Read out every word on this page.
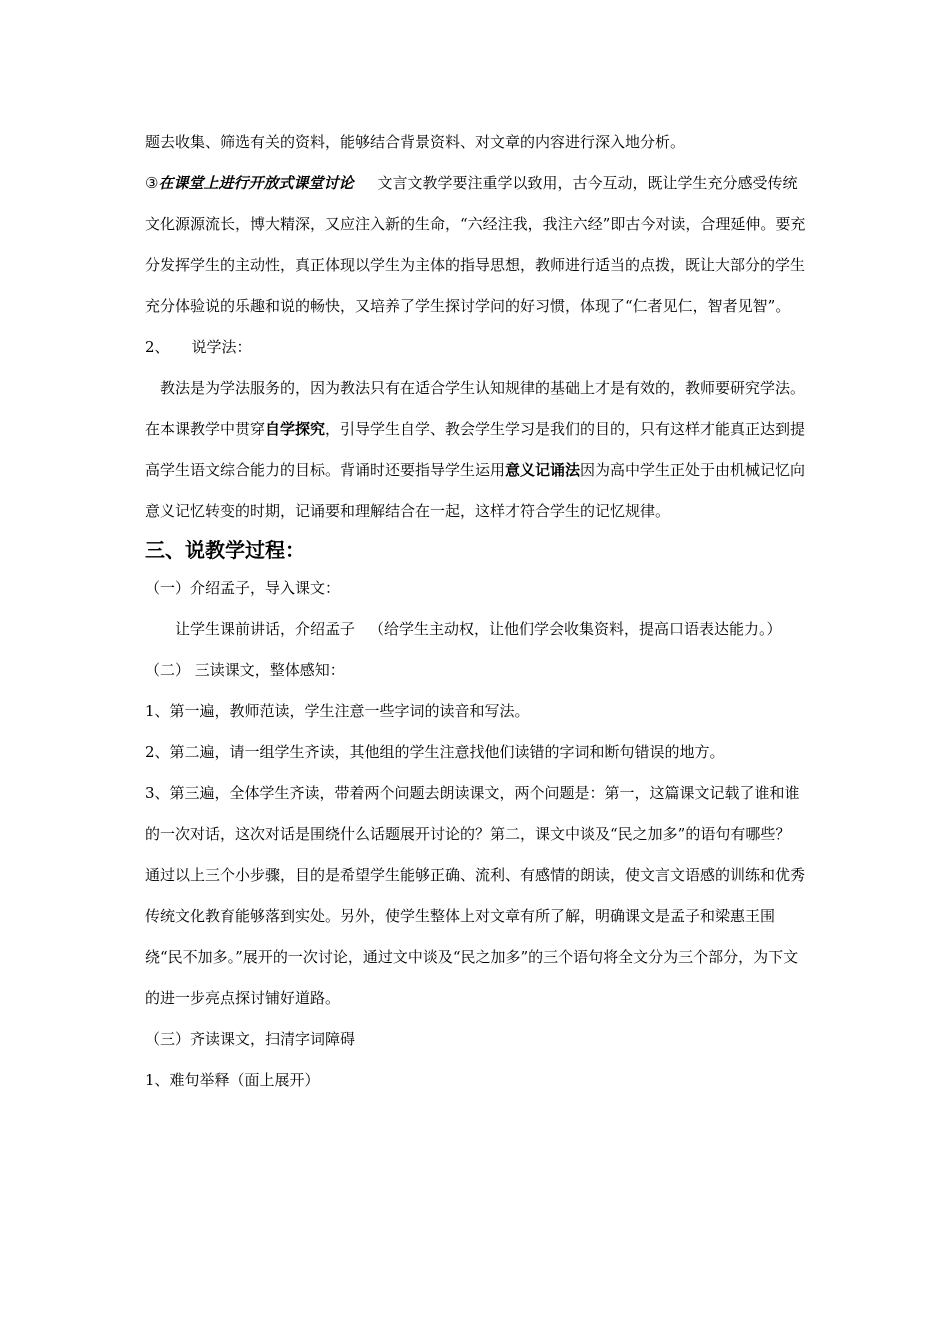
题去收集、筛选有关的资料，能够结合背景资料、对文章的内容进行深入地分析。

③在课堂上进行开放式课堂讨论 文言文教学要注重学以致用，古今互动，既让学生充分感受传统文化源源流长，博大精深，又应注入新的生命，“六经注我，我注六经”即古今对读，合理延伸。要充分发挥学生的主动性，真正体现以学生为主体的指导思想，教师进行适当的点拨，既让大部分的学生充分体验说的乐趣和说的畅快，又培养了学生探讨学问的好习惯，体现了“仁者见仁，智者见智”。

2、 说学法：

教法是为学法服务的，因为教法只有在适合学生认知规律的基础上才是有效的，教师要研究学法。在本课教学中贯穿自学探究，引导学生自学、教会学生学习是我们的目的，只有这样才能真正达到提高学生语文综合能力的目标。背诵时还要指导学生运用意义记诵法因为高中学生正处于由机械记忆向意义记忆转变的时期，记诵要和理解结合在一起，这样才符合学生的记忆规律。

三、说教学过程：

（一）介绍孟子，导入课文：

让学生课前讲话，介绍孟子 （给学生主动权，让他们学会收集资料，提高口语表达能力。）

（二） 三读课文，整体感知：

1、第一遍，教师范读，学生注意一些字词的读音和写法。

2、第二遍，请一组学生齐读，其他组的学生注意找他们读错的字词和断句错误的地方。

3、第三遍，全体学生齐读，带着两个问题去朗读课文，两个问题是：第一，这篇课文记载了谁和谁的一次对话，这次对话是围绕什么话题展开讨论的？第二，课文中谈及“民之加多”的语句有哪些？

通过以上三个小步骤，目的是希望学生能够正确、流利、有感情的朗读，使文言文语感的训练和优秀传统文化教育能够落到实处。另外，使学生整体上对文章有所了解，明确课文是孟子和梁惠王围绕“民不加多。”展开的一次讨论，通过文中谈及“民之加多”的三个语句将全文分为三个部分，为下文的进一步亮点探讨铺好道路。

（三）齐读课文，扫清字词障碍

1、难句举释（面上展开）
